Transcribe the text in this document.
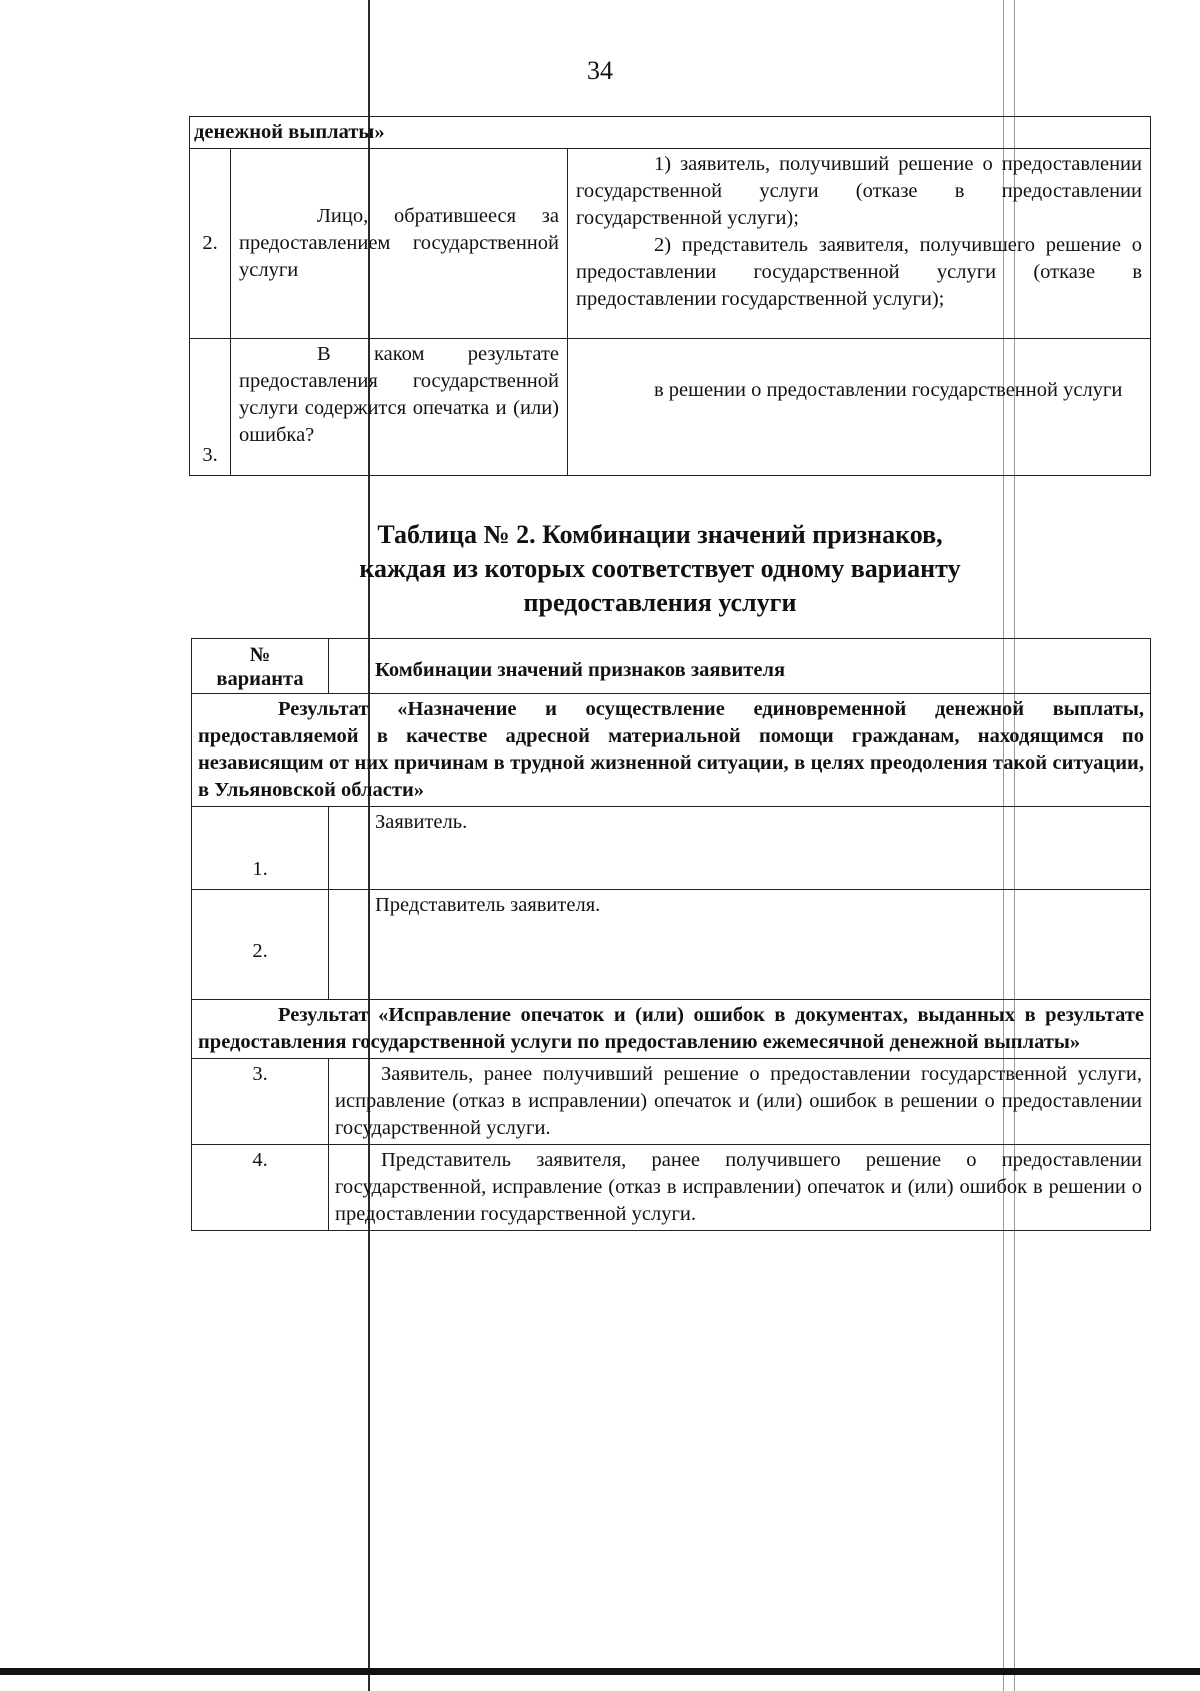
34
денежной выплаты»		
2.	Лицо, обратившееся за предоставлением государственной услуги	1) заявитель, получивший решение о предоставлении государственной услуги (отказе в предоставлении государственной услуги);
2) представитель заявителя, получившего решение о предоставлении государственной услуги (отказе в предоставлении государственной услуги);

3.	В каком результате предоставления государственной услуги содержится опечатка и (или) ошибка?	в решении о предоставлении государственной услуги
Таблица № 2. Комбинации значений признаков,
каждая из которых соответствует одному варианту
предоставления услуги
№
варианта	Комбинации значений признаков заявителя
Результат «Назначение и осуществление единовременной денежной выплаты, предоставляемой в качестве адресной материальной помощи гражданам, находящимся по независящим от них причинам в трудной жизненной ситуации, в целях преодоления такой ситуации, в Ульяновской области»	
1.	Заявитель.
2.	Представитель заявителя.
Результат «Исправление опечаток и (или) ошибок в документах, выданных в результате предоставления государственной услуги по предоставлению ежемесячной денежной выплаты»	
3.	Заявитель, ранее получивший решение о предоставлении государственной услуги, исправление (отказ в исправлении) опечаток и (или) ошибок в решении о предоставлении государственной услуги.
4.	Представитель заявителя, ранее получившего решение о предоставлении государственной, исправление (отказ в исправлении) опечаток и (или) ошибок в решении о предоставлении государственной услуги.
